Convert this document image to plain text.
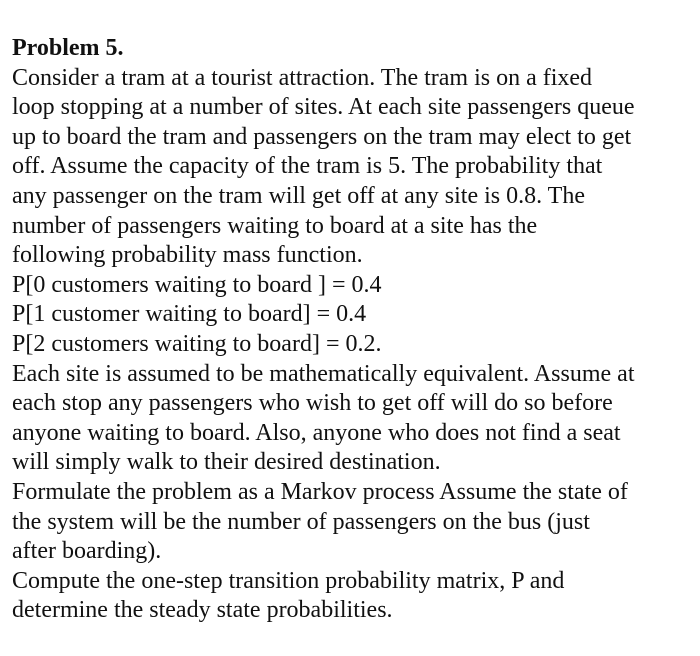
Problem 5.
Consider a tram at a tourist attraction. The tram is on a fixed
loop stopping at a number of sites. At each site passengers queue
up to board the tram and passengers on the tram may elect to get
off. Assume the capacity of the tram is 5. The probability that
any passenger on the tram will get off at any site is 0.8. The
number of passengers waiting to board at a site has the
following probability mass function.
P[0 customers waiting to board ] = 0.4
P[1 customer waiting to board] = 0.4
P[2 customers waiting to board] = 0.2.
Each site is assumed to be mathematically equivalent. Assume at
each stop any passengers who wish to get off will do so before
anyone waiting to board. Also, anyone who does not find a seat
will simply walk to their desired destination.
Formulate the problem as a Markov process Assume the state of
the system will be the number of passengers on the bus (just
after boarding).
Compute the one-step transition probability matrix, P and
determine the steady state probabilities.
